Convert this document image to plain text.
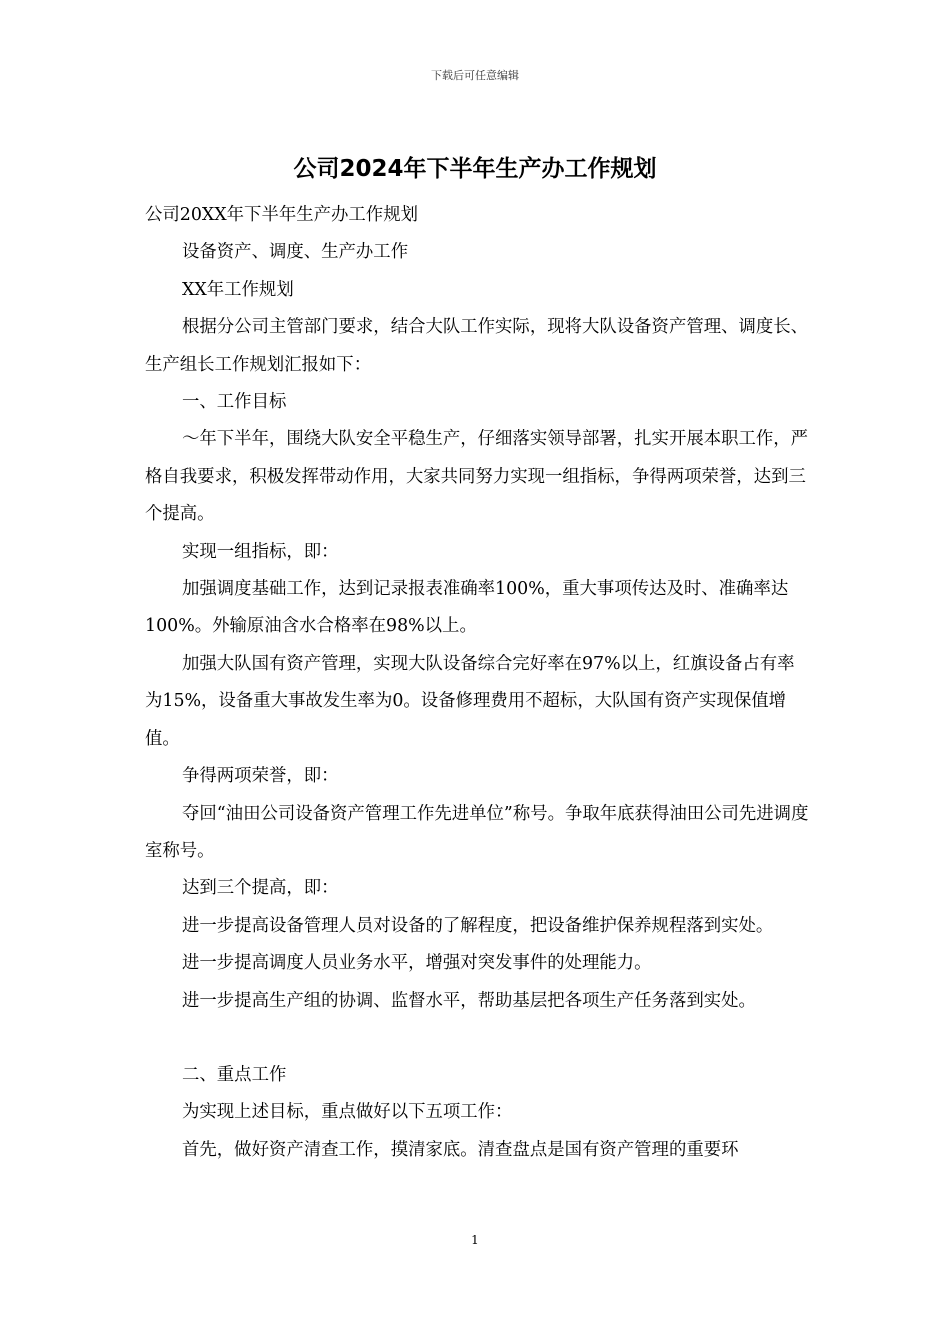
下载后可任意编辑
公司2024年下半年生产办工作规划

公司20XX年下半年生产办工作规划

设备资产、调度、生产办工作

XX年工作规划

根据分公司主管部门要求，结合大队工作实际，现将大队设备资产管理、调度长、生产组长工作规划汇报如下：

一、工作目标

～年下半年，围绕大队安全平稳生产，仔细落实领导部署，扎实开展本职工作，严格自我要求，积极发挥带动作用，大家共同努力实现一组指标，争得两项荣誉，达到三个提高。

实现一组指标，即：

加强调度基础工作，达到记录报表准确率100%，重大事项传达及时、准确率达100%。外输原油含水合格率在98%以上。

加强大队国有资产管理，实现大队设备综合完好率在97%以上，红旗设备占有率为15%，设备重大事故发生率为0。设备修理费用不超标，大队国有资产实现保值增值。

争得两项荣誉，即：

夺回“油田公司设备资产管理工作先进单位”称号。争取年底获得油田公司先进调度室称号。

达到三个提高，即：

进一步提高设备管理人员对设备的了解程度，把设备维护保养规程落到实处。

进一步提高调度人员业务水平，增强对突发事件的处理能力。

进一步提高生产组的协调、监督水平，帮助基层把各项生产任务落到实处。

二、重点工作

为实现上述目标，重点做好以下五项工作：

首先，做好资产清查工作，摸清家底。清查盘点是国有资产管理的重要环

1
